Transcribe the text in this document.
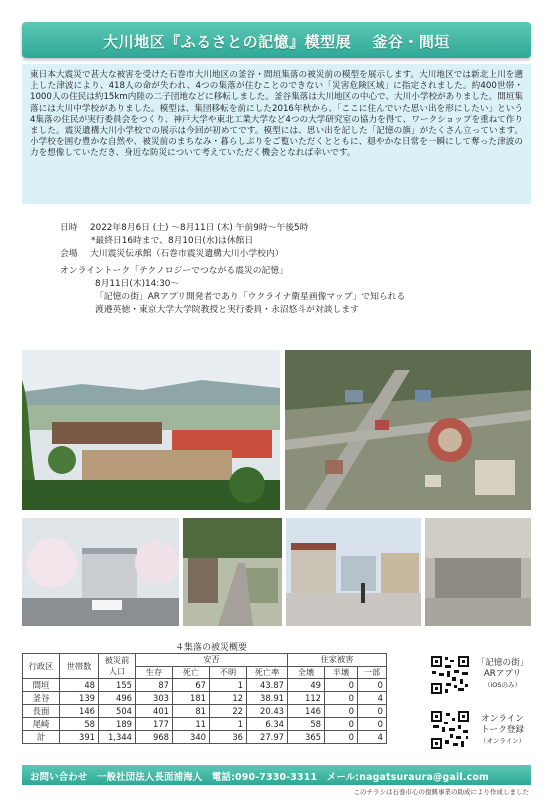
大川地区『ふるさとの記憶』模型展　 釜谷・間垣

東日本大震災で甚大な被害を受けた石巻市大川地区の釜谷・間垣集落の被災前の模型を展示します。大川地区では新北上川を遡上した津波により、418人の命が失われ、4つの集落が住むことのできない「災害危険区域」に指定されました。約400世帯・1000人の住民は約15km内陸の二子団地などに移転しました。釜谷集落は大川地区の中心で、大川小学校がありました。間垣集落には大川中学校がありました。模型は、集団移転を前にした2016年秋から、「ここに住んでいた思い出を形にしたい」という4集落の住民が実行委員会をつくり、神戸大学や東北工業大学など4つの大学研究室の協力を得て、ワークショップを重ねて作りました。震災遺構大川小学校での展示は今回が初めてです。模型には、思い出を記した「記憶の旗」がたくさん立っています。小学校を囲む豊かな自然や、被災前のまちなみ・暮らしぶりをご覧いただくとともに、穏やかな日常を一瞬にして奪った津波の力を想像していただき、身近な防災について考えていただく機会となれば幸いです。

日時	2022年8月6日 (土) ～8月11日 (木) 午前9時～午後5時
*最終日16時まで、8月10日(水)は休館日
会場	大川震災伝承館（石巻市震災遺構大川小学校内）
オンライントーク「テクノロジーでつながる震災の記憶」
8月11日(木)14:30～
「記憶の街」ARアプリ開発者であり「ウクライナ衛星画像マップ」で知られる
渡邉英徳・東京大学大学院教授と実行委員・永沼悠斗が対談します
４集落の被災概要
行政区	世帯数	被災前人口	安否				住家被害		
			生存	死亡	不明	死亡率	全壊	半壊	一部
間垣	48	155	87	67	1	43.87	49	0	0
釜谷	139	496	303	181	12	38.91	112	0	4
長面	146	504	401	81	22	20.43	146	0	0
尾崎	58	189	177	11	1	6.34	58	0	0
計	391	1,344	968	340	36	27.97	365	0	4
「記憶の街」
ARアプリ
（iOSのみ）
オンライン
トーク登録
（オンライン）
お問い合わせ　一般社団法人長面浦海人　電話:090-7330-3311　メール:nagatsuraura@gail.com
このチラシは石巻市心の復興事業の助成により作成しました
